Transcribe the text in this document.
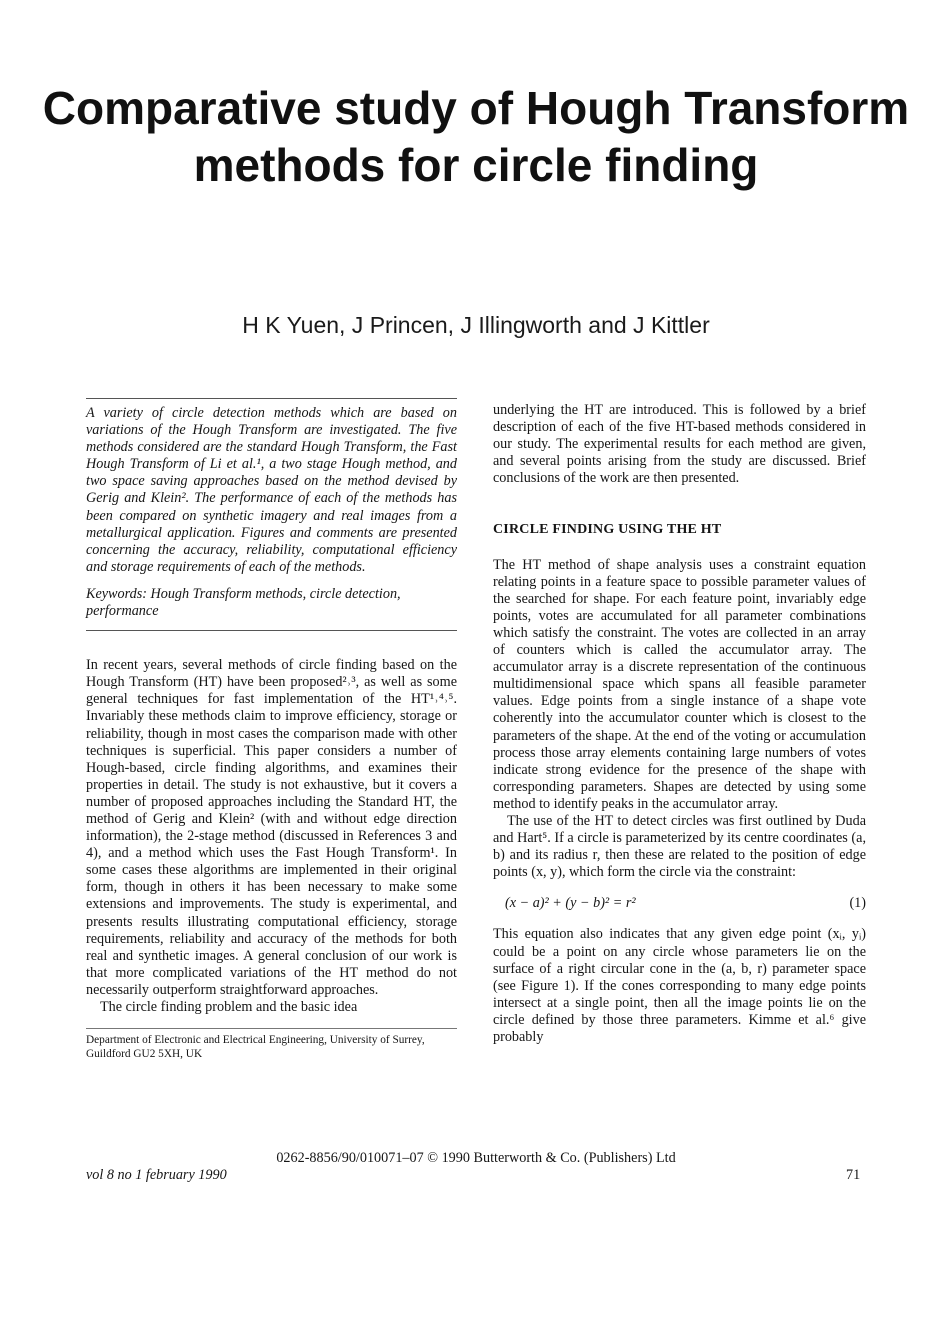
Comparative study of Hough Transform methods for circle finding
H K Yuen, J Princen, J Illingworth and J Kittler

A variety of circle detection methods which are based on variations of the Hough Transform are investigated. The five methods considered are the standard Hough Transform, the Fast Hough Transform of Li et al.¹, a two stage Hough method, and two space saving approaches based on the method devised by Gerig and Klein². The performance of each of the methods has been compared on synthetic imagery and real images from a metallurgical application. Figures and comments are presented concerning the accuracy, reliability, computational efficiency and storage requirements of each of the methods.

Keywords: Hough Transform methods, circle detection, performance

In recent years, several methods of circle finding based on the Hough Transform (HT) have been proposed²˒³, as well as some general techniques for fast implementation of the HT¹˒⁴˒⁵. Invariably these methods claim to improve efficiency, storage or reliability, though in most cases the comparison made with other techniques is superficial. This paper considers a number of Hough-based, circle finding algorithms, and examines their properties in detail. The study is not exhaustive, but it covers a number of proposed approaches including the Standard HT, the method of Gerig and Klein² (with and without edge direction information), the 2-stage method (discussed in References 3 and 4), and a method which uses the Fast Hough Transform¹. In some cases these algorithms are implemented in their original form, though in others it has been necessary to make some extensions and improvements. The study is experimental, and presents results illustrating computational efficiency, storage requirements, reliability and accuracy of the methods for both real and synthetic images. A general conclusion of our work is that more complicated variations of the HT method do not necessarily outperform straightforward approaches.

The circle finding problem and the basic idea

Department of Electronic and Electrical Engineering, University of Surrey, Guildford GU2 5XH, UK

underlying the HT are introduced. This is followed by a brief description of each of the five HT-based methods considered in our study. The experimental results for each method are given, and several points arising from the study are discussed. Brief conclusions of the work are then presented.

CIRCLE FINDING USING THE HT

The HT method of shape analysis uses a constraint equation relating points in a feature space to possible parameter values of the searched for shape. For each feature point, invariably edge points, votes are accumulated for all parameter combinations which satisfy the constraint. The votes are collected in an array of counters which is called the accumulator array. The accumulator array is a discrete representation of the continuous multidimensional space which spans all feasible parameter values. Edge points from a single instance of a shape vote coherently into the accumulator counter which is closest to the parameters of the shape. At the end of the voting or accumulation process those array elements containing large numbers of votes indicate strong evidence for the presence of the shape with corresponding parameters. Shapes are detected by using some method to identify peaks in the accumulator array.

The use of the HT to detect circles was first outlined by Duda and Hart⁵. If a circle is parameterized by its centre coordinates (a, b) and its radius r, then these are related to the position of edge points (x, y), which form the circle via the constraint:

(x − a)² + (y − b)² = r²	(1)

This equation also indicates that any given edge point (xᵢ, yᵢ) could be a point on any circle whose parameters lie on the surface of a right circular cone in the (a, b, r) parameter space (see Figure 1). If the cones corresponding to many edge points intersect at a single point, then all the image points lie on the circle defined by those three parameters. Kimme et al.⁶ give probably

0262-8856/90/010071–07 © 1990 Butterworth & Co. (Publishers) Ltd
vol 8 no 1 february 1990	71
